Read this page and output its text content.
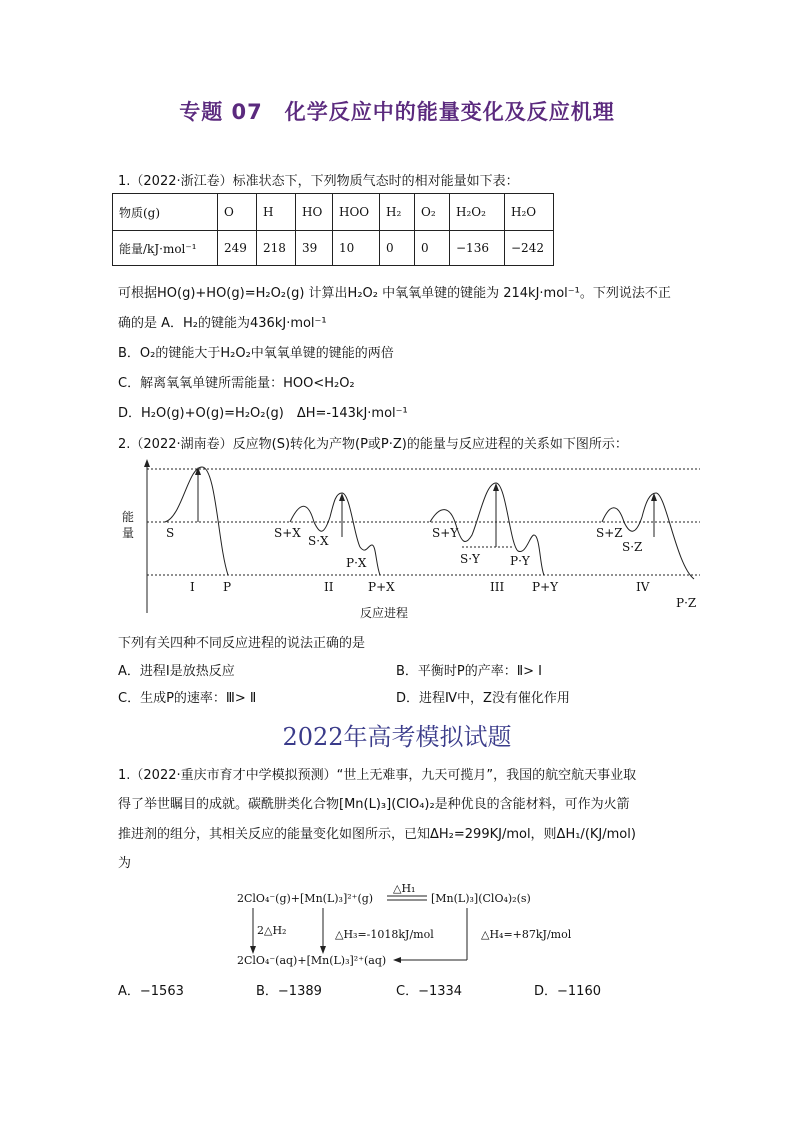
专题 07　化学反应中的能量变化及反应机理
1.（2022·浙江卷）标准状态下，下列物质气态时的相对能量如下表：
物质(g)	O	H	HO	HOO	H₂	O₂	H₂O₂	H₂O
能量/kJ·mol⁻¹	249	218	39	10	0	0	−136	−242
可根据HO(g)+HO(g)=H₂O₂(g) 计算出H₂O₂ 中氧氧单键的键能为 214kJ·mol⁻¹。下列说法不正
确的是 A．H₂的键能为436kJ·mol⁻¹
B．O₂的键能大于H₂O₂中氧氧单键的键能的两倍
C．解离氧氧单键所需能量：HOO<H₂O₂
D．H₂O(g)+O(g)=H₂O₂(g)　ΔH=-143kJ·mol⁻¹
2.（2022·湖南卷）反应物(S)转化为产物(P或P·Z)的能量与反应进程的关系如下图所示：
能
量	S
I P
S+X
S·X
P·X
P+X
II
S+Y
S·Y	P·Y
P+Y
III
S+Z
S·Z
IV
P·Z
反应进程
下列有关四种不同反应进程的说法正确的是
A．进程Ⅰ是放热反应	B．平衡时P的产率：Ⅱ> Ⅰ
C．生成P的速率：Ⅲ> Ⅱ	D．进程Ⅳ中，Z没有催化作用
2022年高考模拟试题
1.（2022·重庆市育才中学模拟预测）“世上无难事，九天可揽月”，我国的航空航天事业取
得了举世瞩目的成就。碳酰肼类化合物[Mn(L)₃](ClO₄)₂是种优良的含能材料，可作为火箭
推进剂的组分，其相关反应的能量变化如图所示，已知ΔH₂=299KJ/mol，则ΔH₁/(KJ/mol)
为
2ClO₄⁻(g)+[Mn(L)₃]²⁺(g)
△H₁
[Mn(L)₃](ClO₄)₂(s)
2△H₂	△H₃=-1018kJ/mol	△H₄=+87kJ/mol
2ClO₄⁻(aq)+[Mn(L)₃]²⁺(aq)
A．−1563	B．−1389	C．−1334	D．−1160
